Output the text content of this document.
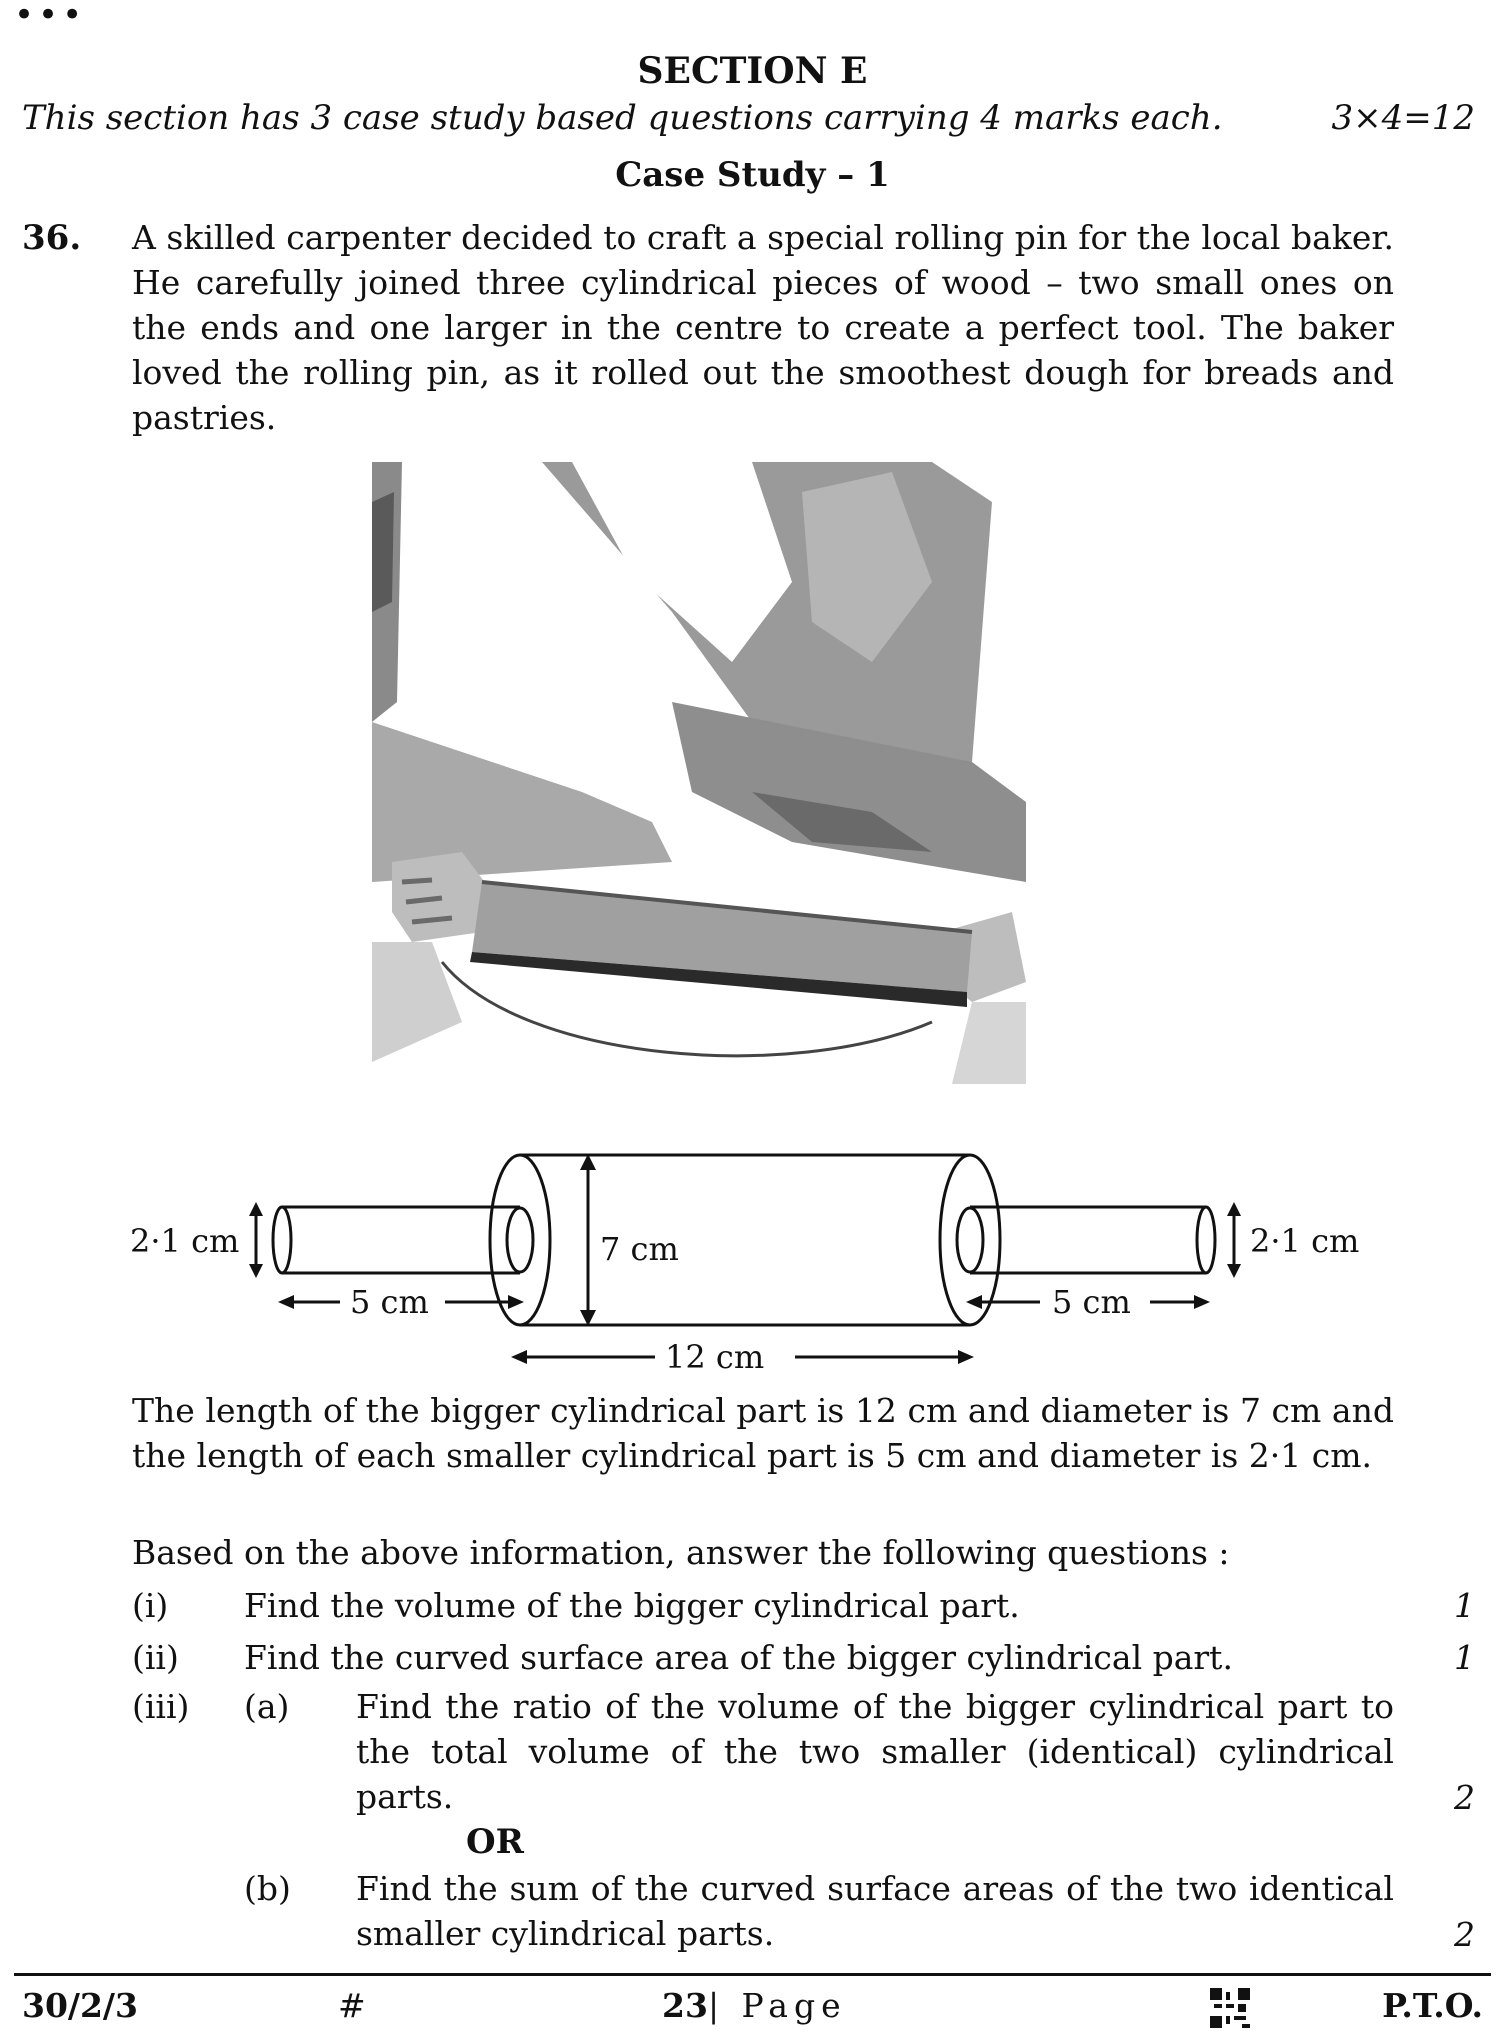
•••
SECTION E
This section has 3 case study based questions carrying 4 marks each.	3×4=12
Case Study – 1
36. A skilled carpenter decided to craft a special rolling pin for the local baker. He carefully joined three cylindrical pieces of wood – two small ones on the ends and one larger in the centre to create a perfect tool. The baker loved the rolling pin, as it rolled out the smoothest dough for breads and pastries.
2·1 cm	2·1 cm
7 cm
5 cm	5 cm
12 cm
The length of the bigger cylindrical part is 12 cm and diameter is 7 cm and the length of each smaller cylindrical part is 5 cm and diameter is 2·1 cm.
Based on the above information, answer the following questions :
(i) Find the volume of the bigger cylindrical part.	1
(ii) Find the curved surface area of the bigger cylindrical part.	1
(iii) (a) Find the ratio of the volume of the bigger cylindrical part to the total volume of the two smaller (identical) cylindrical parts.	2
OR
(b) Find the sum of the curved surface areas of the two identical smaller cylindrical parts.	2
30/2/3	#	23| Page	P.T.O.
